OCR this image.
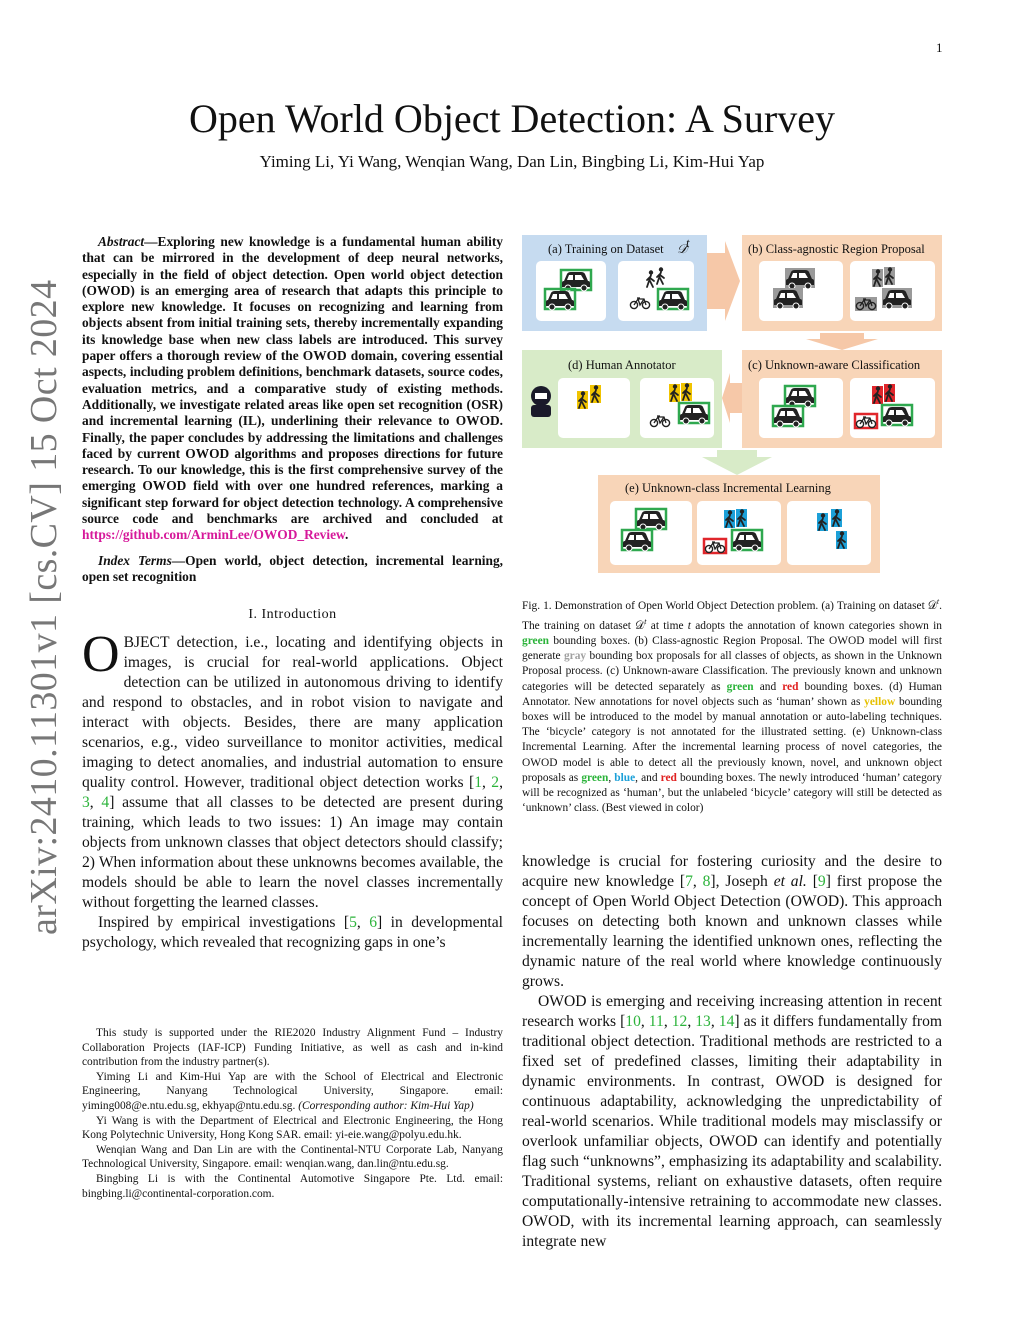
1
arXiv:2410.11301v1 [cs.CV] 15 Oct 2024
Open World Object Detection: A Survey
Yiming Li, Yi Wang, Wenqian Wang, Dan Lin, Bingbing Li, Kim-Hui Yap
Abstract—Exploring new knowledge is a fundamental human ability that can be mirrored in the development of deep neural networks, especially in the field of object detection. Open world object detection (OWOD) is an emerging area of research that adapts this principle to explore new knowledge. It focuses on recognizing and learning from objects absent from initial training sets, thereby incrementally expanding its knowledge base when new class labels are introduced. This survey paper offers a thorough review of the OWOD domain, covering essential aspects, including problem definitions, benchmark datasets, source codes, evaluation metrics, and a comparative study of existing methods. Additionally, we investigate related areas like open set recognition (OSR) and incremental learning (IL), underlining their relevance to OWOD. Finally, the paper concludes by addressing the limitations and challenges faced by current OWOD algorithms and proposes directions for future research. To our knowledge, this is the first comprehensive survey of the emerging OWOD field with over one hundred references, marking a significant step forward for object detection technology. A comprehensive source code and benchmarks are archived and concluded at https://github.com/ArminLee/OWOD_Review.
Index Terms—Open world, object detection, incremental learning, open set recognition
I. Introduction

OBJECT detection, i.e., locating and identifying objects in images, is crucial for real-world applications. Object detection can be utilized in autonomous driving to identify and respond to obstacles, and in robot vision to navigate and interact with objects. Besides, there are many application scenarios, e.g., video surveillance to monitor activities, medical imaging to detect anomalies, and industrial automation to ensure quality control. However, traditional object detection works [1, 2, 3, 4] assume that all classes to be detected are present during training, which leads to two issues: 1) An image may contain objects from unknown classes that object detectors should classify; 2) When information about these unknowns becomes available, the models should be able to learn the novel classes incrementally without forgetting the learned classes.

Inspired by empirical investigations [5, 6] in developmental psychology, which revealed that recognizing gaps in one’s

This study is supported under the RIE2020 Industry Alignment Fund – Industry Collaboration Projects (IAF-ICP) Funding Initiative, as well as cash and in-kind contribution from the industry partner(s).

Yiming Li and Kim-Hui Yap are with the School of Electrical and Electronic Engineering, Nanyang Technological University, Singapore. email: yiming008@e.ntu.edu.sg, ekhyap@ntu.edu.sg. (Corresponding author: Kim-Hui Yap)

Yi Wang is with the Department of Electrical and Electronic Engineering, the Hong Kong Polytechnic University, Hong Kong SAR. email: yi-eie.wang@polyu.edu.hk.

Wenqian Wang and Dan Lin are with the Continental-NTU Corporate Lab, Nanyang Technological University, Singapore. email: wenqian.wang, dan.lin@ntu.edu.sg.

Bingbing Li is with the Continental Automotive Singapore Pte. Ltd. email: bingbing.li@continental-corporation.com.

(a) Training on Dataset 𝒟 t	(b) Class-agnostic Region Proposal
(d) Human Annotator	(c) Unknown-aware Classification
(e) Unknown-class Incremental Learning
Fig. 1. Demonstration of Open World Object Detection problem. (a) Training on dataset 𝒟$^t$. The training on dataset 𝒟$^t$ at time t adopts the annotation of known categories shown in green bounding boxes. (b) Class-agnostic Region Proposal. The OWOD model will first generate gray bounding box proposals for all classes of objects, as shown in the Unknown Proposal process. (c) Unknown-aware Classification. The previously known and unknown categories will be detected separately as green and red bounding boxes. (d) Human Annotator. New annotations for novel objects such as ‘human’ shown as yellow bounding boxes will be introduced to the model by manual annotation or auto-labeling techniques. The ‘bicycle’ category is not annotated for the illustrated setting. (e) Unknown-class Incremental Learning. After the incremental learning process of novel categories, the OWOD model is able to detect all the previously known, novel, and unknown object proposals as green, blue, and red bounding boxes. The newly introduced ‘human’ category will be recognized as ‘human’, but the unlabeled ‘bicycle’ category will still be detected as ‘unknown’ class. (Best viewed in color)

knowledge is crucial for fostering curiosity and the desire to acquire new knowledge [7, 8], Joseph et al. [9] first propose the concept of Open World Object Detection (OWOD). This approach focuses on detecting both known and unknown classes while incrementally learning the identified unknown ones, reflecting the dynamic nature of the real world where knowledge continuously grows.

OWOD is emerging and receiving increasing attention in recent research works [10, 11, 12, 13, 14] as it differs fundamentally from traditional object detection. Traditional methods are restricted to a fixed set of predefined classes, limiting their adaptability in dynamic environments. In contrast, OWOD is designed for continuous adaptability, acknowledging the unpredictability of real-world scenarios. While traditional models may misclassify or overlook unfamiliar objects, OWOD can identify and potentially flag such “unknowns”, emphasizing its adaptability and scalability. Traditional systems, reliant on exhaustive datasets, often require computationally-intensive retraining to accommodate new classes. OWOD, with its incremental learning approach, can seamlessly integrate new
